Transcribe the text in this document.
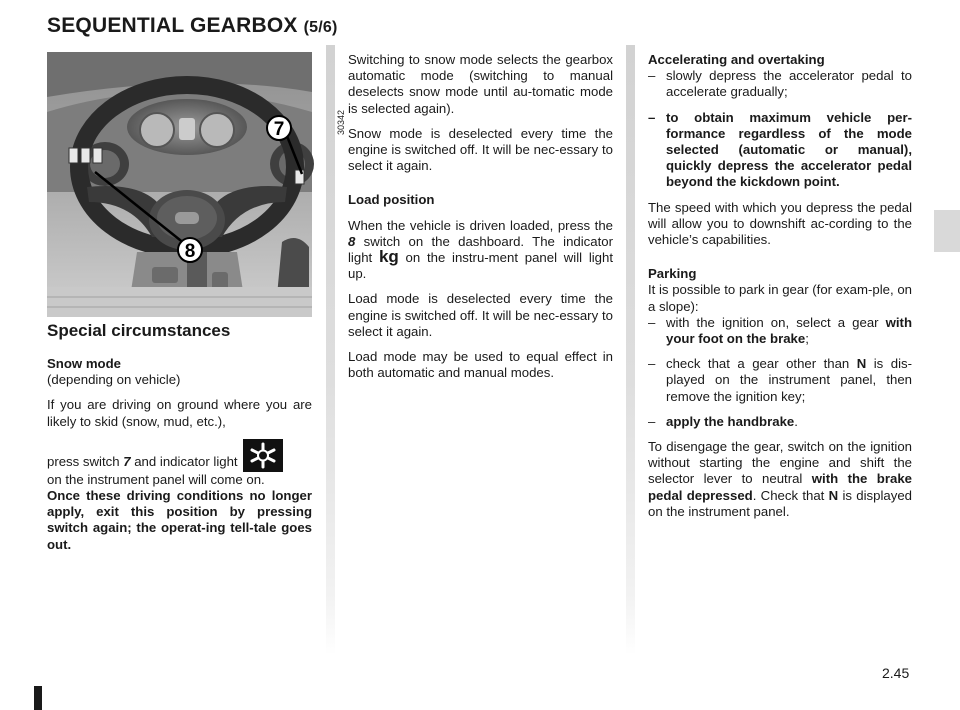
SEQUENTIAL GEARBOX (5/6)
7
8
30342
Special circumstances

Snow mode
(depending on vehicle)

If you are driving on ground where you are likely to skid (snow, mud, etc.),

press switch 7 and indicator light
on the instrument panel will come on.

Once these driving conditions no longer apply, exit this position by pressing switch again; the operat-ing tell-tale goes out.

Switching to snow mode selects the gearbox automatic mode (switching to manual deselects snow mode until au-tomatic mode is selected again).

Snow mode is deselected every time the engine is switched off. It will be nec-essary to select it again.

Load position

When the vehicle is driven loaded, press the 8 switch on the dashboard. The indicator light kg on the instru-ment panel will light up.

Load mode is deselected every time the engine is switched off. It will be nec-essary to select it again.

Load mode may be used to equal effect in both automatic and manual modes.

Accelerating and overtaking

– slowly depress the accelerator pedal to accelerate gradually;

– to obtain maximum vehicle per-formance regardless of the mode selected (automatic or manual), quickly depress the accelerator pedal beyond the kickdown point.

The speed with which you depress the pedal will allow you to downshift ac-cording to the vehicle’s capabilities.

Parking
It is possible to park in gear (for exam-ple, on a slope):

– with the ignition on, select a gear with your foot on the brake;

– check that a gear other than N is dis-played on the instrument panel, then remove the ignition key;

– apply the handbrake.

To disengage the gear, switch on the ignition without starting the engine and shift the selector lever to neutral with the brake pedal depressed. Check that N is displayed on the instrument panel.

2.45
